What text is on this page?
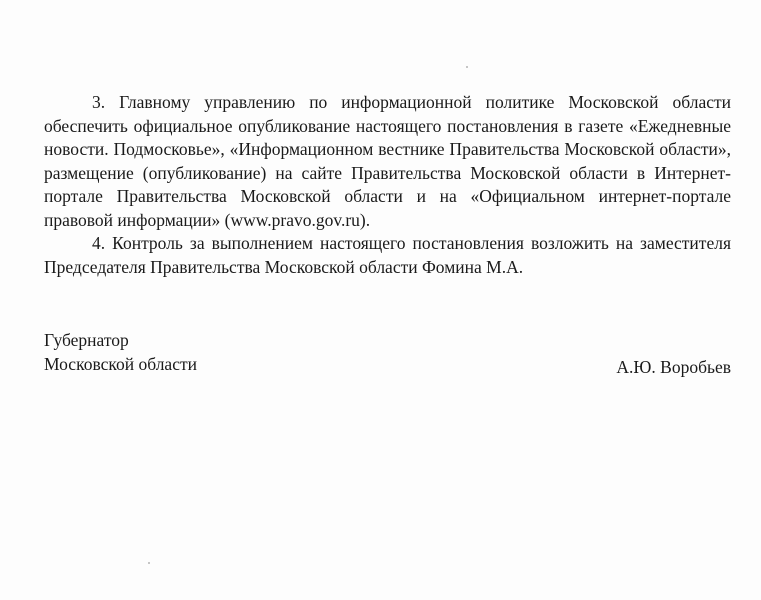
3. Главному управлению по информационной политике Московской области обеспечить официальное опубликование настоящего постановления в газете «Ежедневные новости. Подмосковье», «Информационном вестнике Правительства Московской области», размещение (опубликование) на сайте Правительства Московской области в Интернет-портале Правительства Московской области и на «Официальном интернет-портале правовой информации» (www.pravo.gov.ru).

4. Контроль за выполнением настоящего постановления возложить на заместителя Председателя Правительства Московской области Фомина М.А.

Губернатор
Московской области	А.Ю. Воробьев
